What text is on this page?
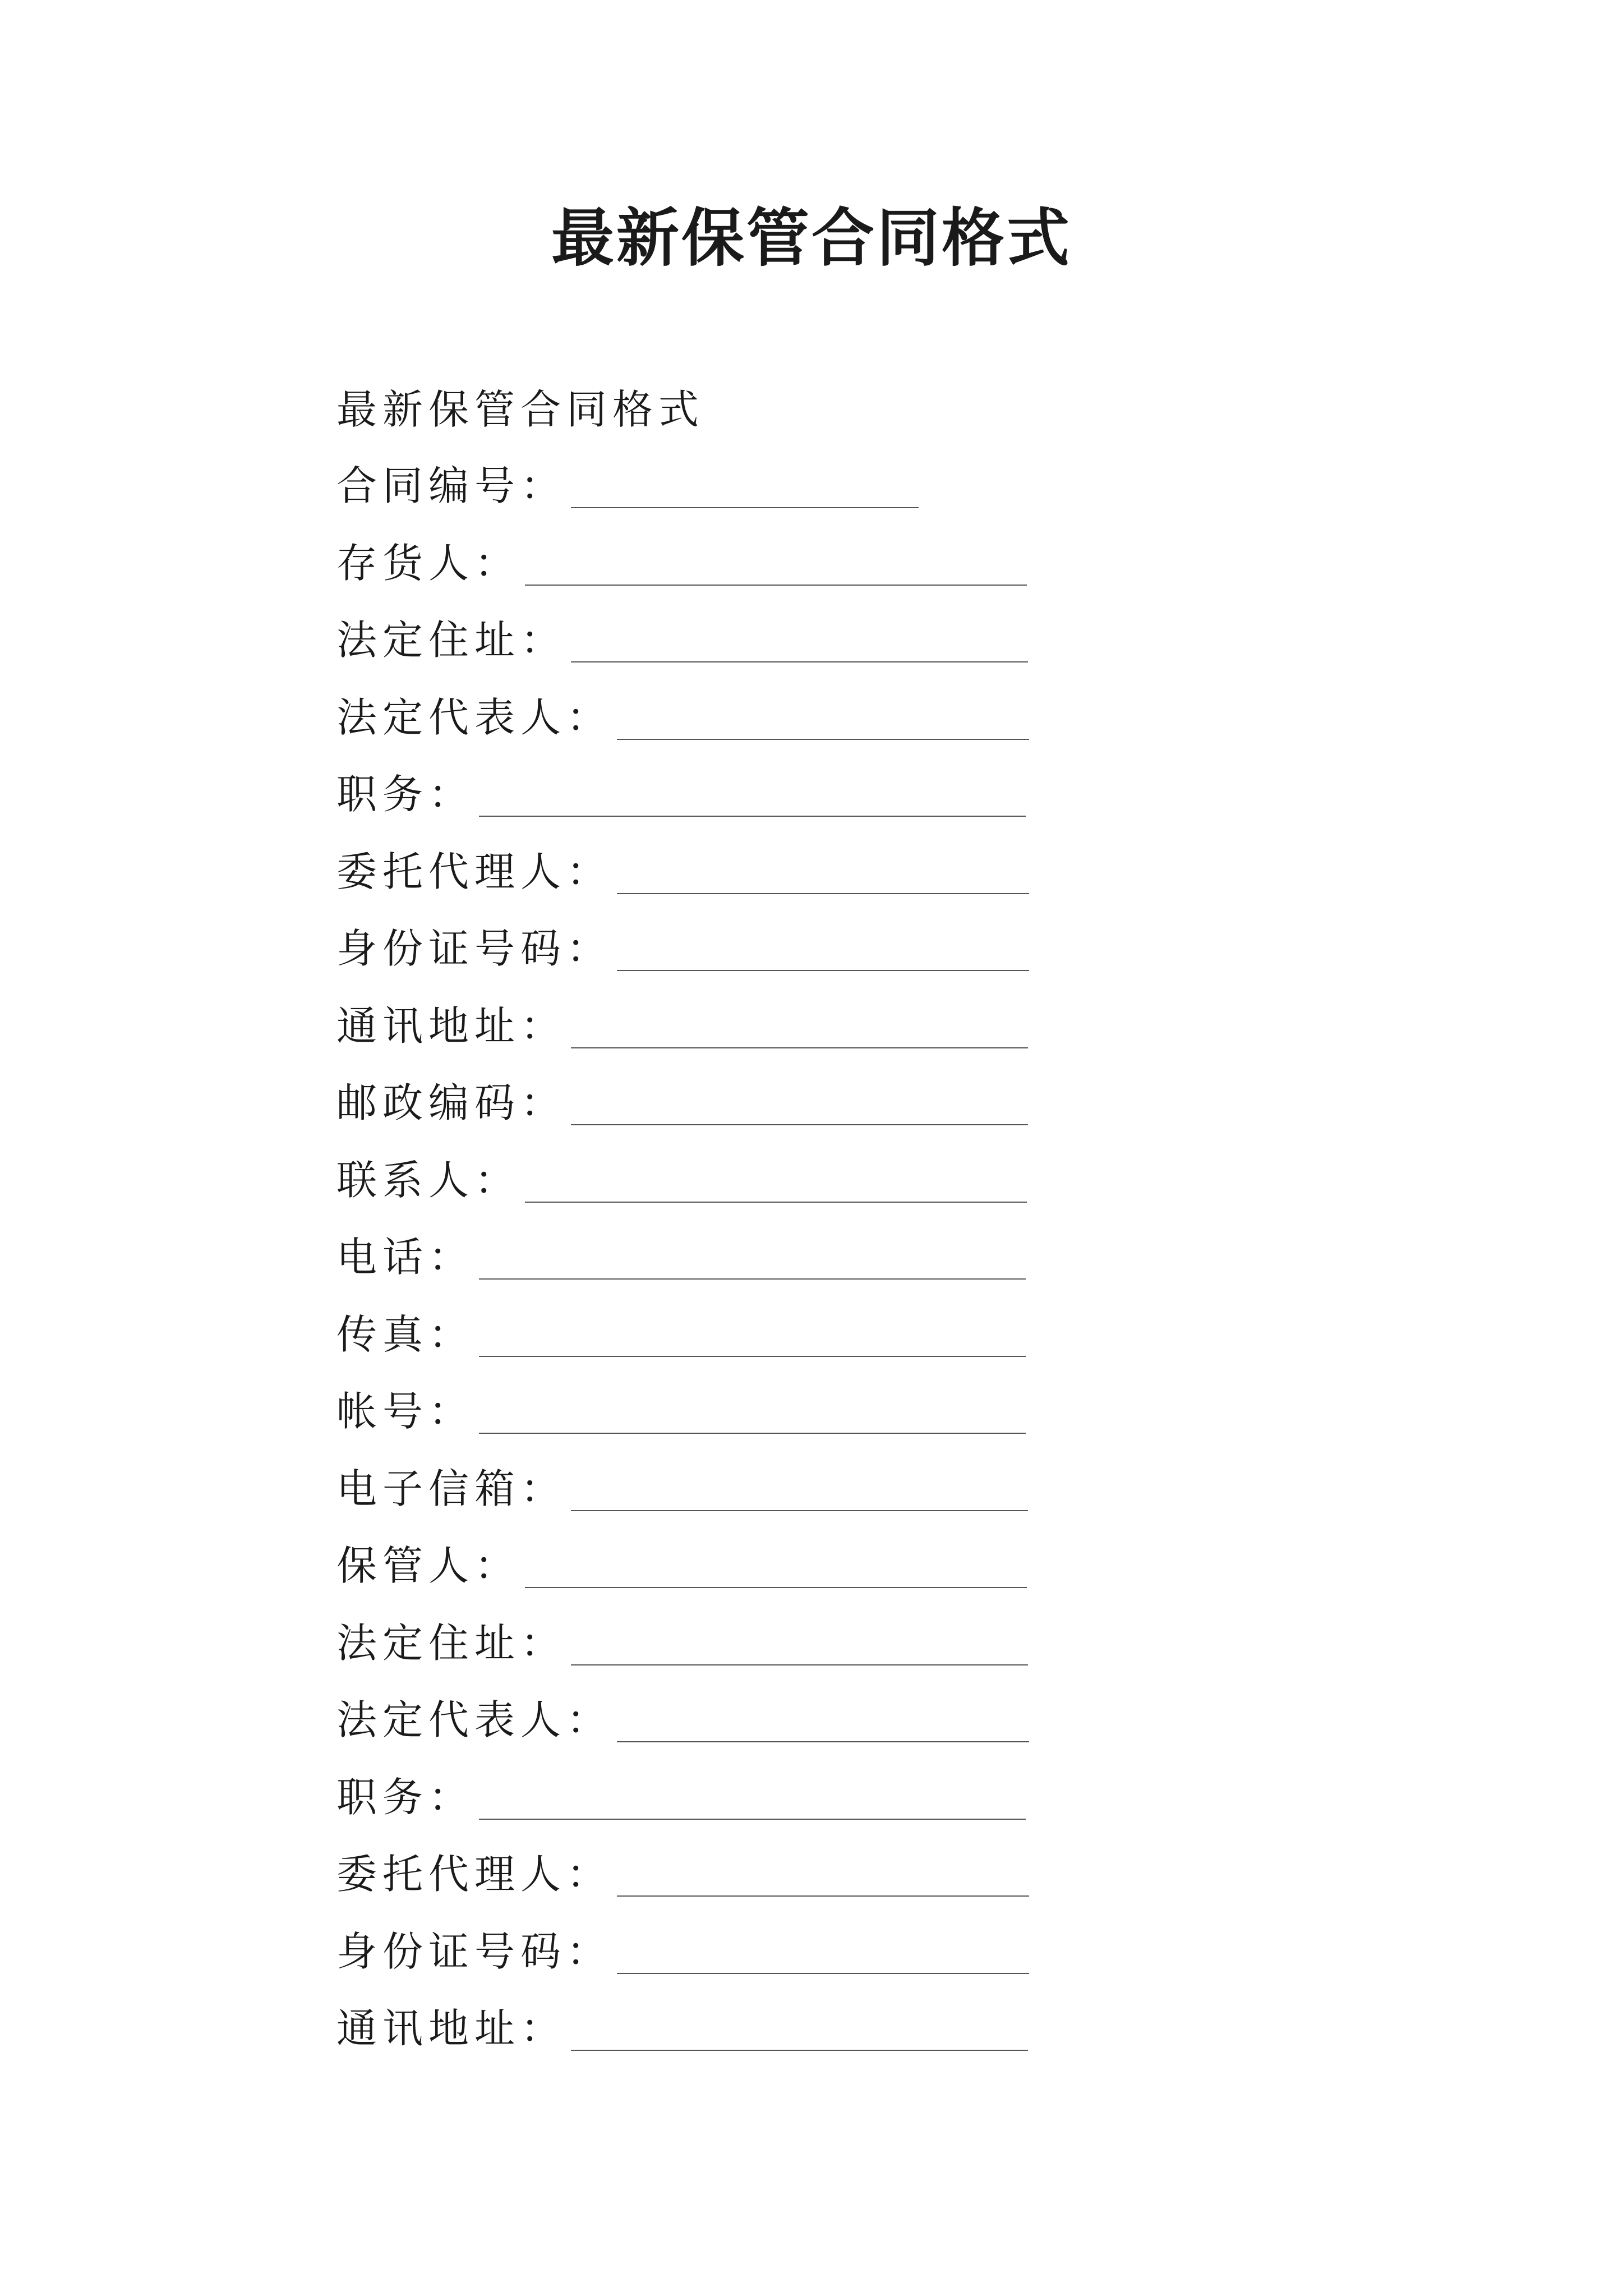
最新保管合同格式
最新保管合同格式
合同编号：
存货人：
法定住址：
法定代表人：
职务：
委托代理人：
身份证号码：
通讯地址：
邮政编码：
联系人：
电话：
传真：
帐号：
电子信箱：
保管人：
法定住址：
法定代表人：
职务：
委托代理人：
身份证号码：
通讯地址：
